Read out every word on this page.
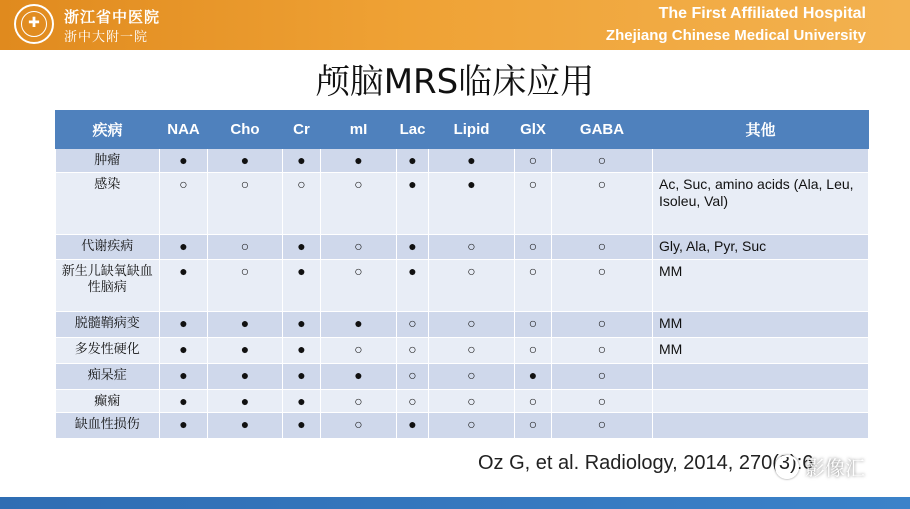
✚	浙江省中医院
浙中大附一院
The First Affiliated Hospital
Zhejiang Chinese Medical University
颅脑MRS临床应用
疾病	NAA	Cho	Cr	mI	Lac	Lipid	GlX	GABA	其他
肿瘤	●	●	●	●	●	●	○	○	
感染	○	○	○	○	●	●	○	○	Ac, Suc, amino acids (Ala, Leu, Isoleu, Val)
代谢疾病	●	○	●	○	●	○	○	○	Gly, Ala, Pyr, Suc
新生儿缺氧缺血性脑病	●	○	●	○	●	○	○	○	MM
脱髓鞘病变	●	●	●	●	○	○	○	○	MM
多发性硬化	●	●	●	○	○	○	○	○	MM
痴呆症	●	●	●	●	○	○	●	○	
癫痫	●	●	●	○	○	○	○	○	
缺血性损伤	●	●	●	○	●	○	○	○	
Oz G, et al. Radiology, 2014, 270(3):6
影像汇
